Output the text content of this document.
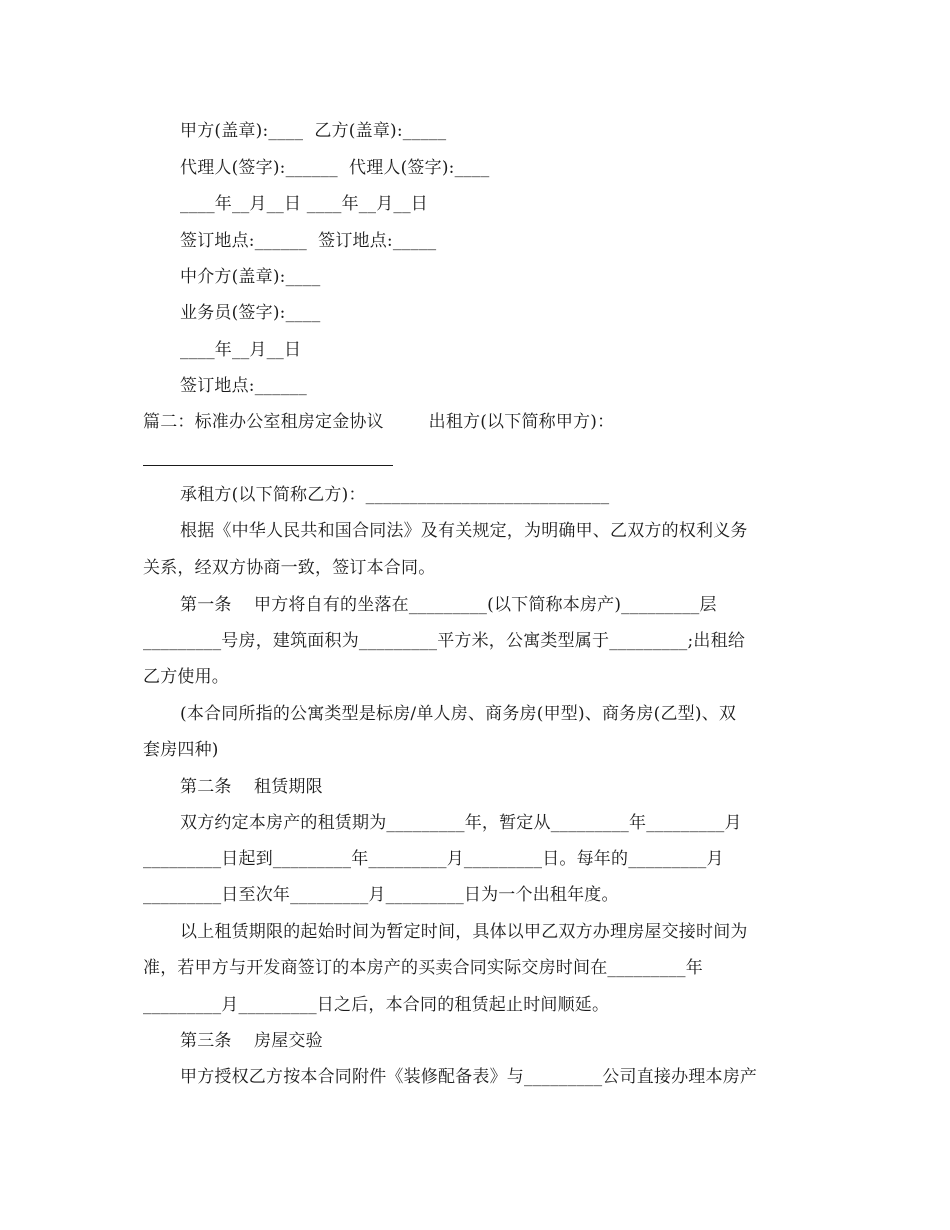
甲方(盖章):____  乙方(盖章):_____
代理人(签字):______  代理人(签字):____
____年__月__日 ____年__月__日
签订地点:______  签订地点:_____
中介方(盖章):____
业务员(签字):____
____年__月__日
签订地点:______
篇二：标准办公室租房定金协议        出租方(以下简称甲方)：
承租方(以下简称乙方)：____________________________
根据《中华人民共和国合同法》及有关规定，为明确甲、乙双方的权利义务
关系，经双方协商一致，签订本合同。
第一条    甲方将自有的坐落在_________(以下简称本房产)_________层
_________号房，建筑面积为_________平方米，公寓类型属于_________;出租给
乙方使用。
(本合同所指的公寓类型是标房/单人房、商务房(甲型)、商务房(乙型)、双
套房四种)
第二条    租赁期限
双方约定本房产的租赁期为_________年，暂定从_________年_________月
_________日起到_________年_________月_________日。每年的_________月
_________日至次年_________月_________日为一个出租年度。
以上租赁期限的起始时间为暂定时间，具体以甲乙双方办理房屋交接时间为
准，若甲方与开发商签订的本房产的买卖合同实际交房时间在_________年
_________月_________日之后，本合同的租赁起止时间顺延。
第三条    房屋交验
甲方授权乙方按本合同附件《装修配备表》与_________公司直接办理本房产
